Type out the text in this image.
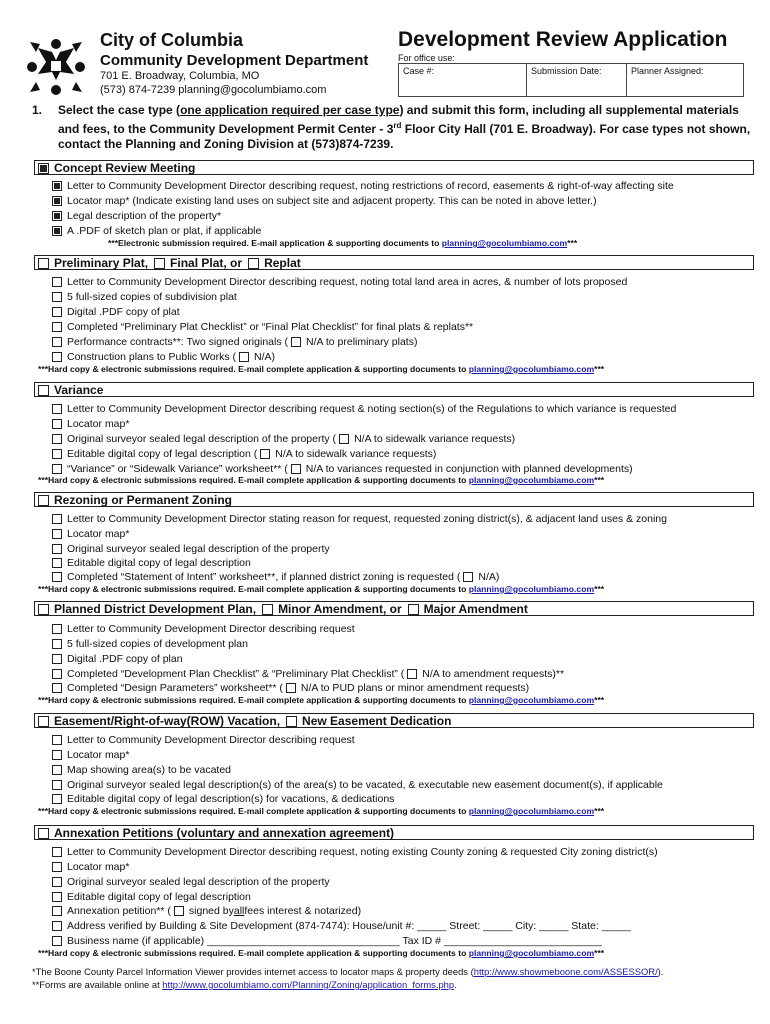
City of Columbia
Community Development Department
701 E. Broadway, Columbia, MO
(573) 874-7239 planning@gocolumbiamo.com
Development Review Application
For office use:
Case #:	Submission Date:	Planner Assigned:
1. Select the case type (one application required per case type) and submit this form, including all supplemental materials and fees, to the Community Development Permit Center - 3rd Floor City Hall (701 E. Broadway). For case types not shown, contact the Planning and Zoning Division at (573)874-7239.
Concept Review Meeting
Letter to Community Development Director describing request, noting restrictions of record, easements & right-of-way affecting site
Locator map* (Indicate existing land uses on subject site and adjacent property. This can be noted in above letter.)
Legal description of the property*
A .PDF of sketch plan or plat, if applicable
***Electronic submission required. E-mail application & supporting documents to planning@gocolumbiamo.com***
Preliminary Plat, Final Plat, or Replat
Letter to Community Development Director describing request, noting total land area in acres, & number of lots proposed
5 full-sized copies of subdivision plat
Digital .PDF copy of plat
Completed “Preliminary Plat Checklist” or “Final Plat Checklist” for final plats & replats**
Performance contracts**: Two signed originals ( N/A to preliminary plats)
Construction plans to Public Works ( N/A)
***Hard copy & electronic submissions required. E-mail complete application & supporting documents to planning@gocolumbiamo.com***
Variance
Letter to Community Development Director describing request & noting section(s) of the Regulations to which variance is requested
Locator map*
Original surveyor sealed legal description of the property ( N/A to sidewalk variance requests)
Editable digital copy of legal description ( N/A to sidewalk variance requests)
“Variance” or “Sidewalk Variance” worksheet** ( N/A to variances requested in conjunction with planned developments)
***Hard copy & electronic submissions required. E-mail complete application & supporting documents to planning@gocolumbiamo.com***
Rezoning or Permanent Zoning
Letter to Community Development Director stating reason for request, requested zoning district(s), & adjacent land uses & zoning
Locator map*
Original surveyor sealed legal description of the property
Editable digital copy of legal description
Completed “Statement of Intent” worksheet**, if planned district zoning is requested ( N/A)
***Hard copy & electronic submissions required. E-mail complete application & supporting documents to planning@gocolumbiamo.com***
Planned District Development Plan, Minor Amendment, or Major Amendment
Letter to Community Development Director describing request
5 full-sized copies of development plan
Digital .PDF copy of plan
Completed “Development Plan Checklist” & “Preliminary Plat Checklist” ( N/A to amendment requests)**
Completed “Design Parameters” worksheet** ( N/A to PUD plans or minor amendment requests)
***Hard copy & electronic submissions required. E-mail complete application & supporting documents to planning@gocolumbiamo.com***
Easement/Right-of-way(ROW) Vacation, New Easement Dedication
Letter to Community Development Director describing request
Locator map*
Map showing area(s) to be vacated
Original surveyor sealed legal description(s) of the area(s) to be vacated, & executable new easement document(s), if applicable
Editable digital copy of legal description(s) for vacations, & dedications
***Hard copy & electronic submissions required. E-mail complete application & supporting documents to planning@gocolumbiamo.com***
Annexation Petitions (voluntary and annexation agreement)
Letter to Community Development Director describing request, noting existing County zoning & requested City zoning district(s)
Locator map*
Original surveyor sealed legal description of the property
Editable digital copy of legal description
Annexation petition** ( signed by all fees interest & notarized)
Address verified by Building & Site Development (874-7474): House/unit #: _____ Street: _____ City: _____ State: _____
Business name (if applicable) _________________________________ Tax ID # ___________________________
***Hard copy & electronic submissions required. E-mail complete application & supporting documents to planning@gocolumbiamo.com***
*The Boone County Parcel Information Viewer provides internet access to locator maps & property deeds (http://www.showmeboone.com/ASSESSOR/).
**Forms are available online at http://www.gocolumbiamo.com/Planning/Zoning/application_forms.php.
